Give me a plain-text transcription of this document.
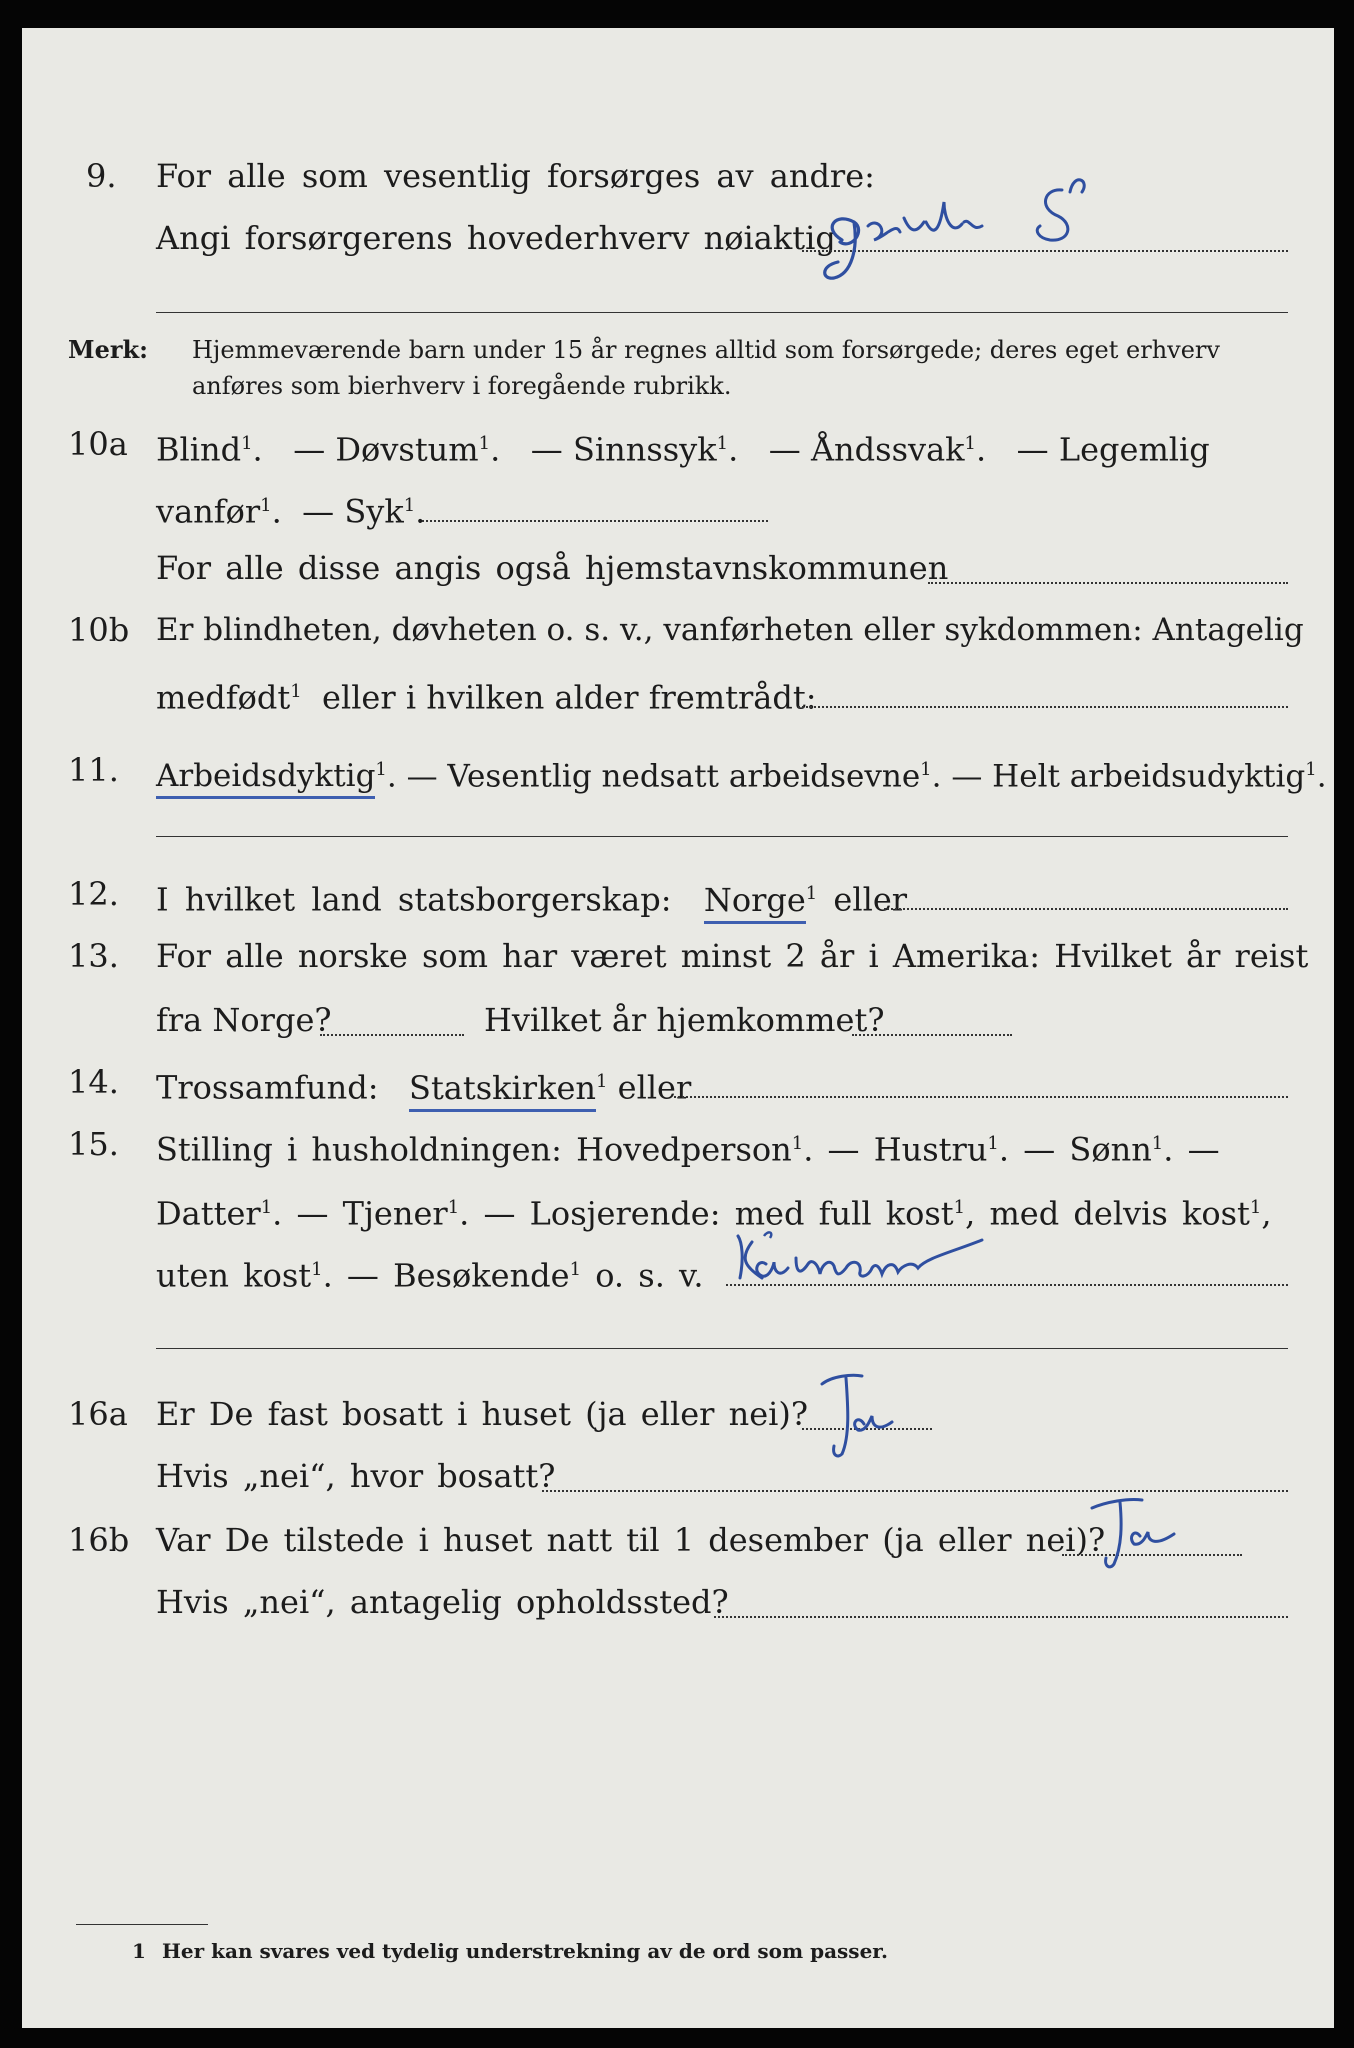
9. For alle som vesentlig forsørges av andre:
Angi forsørgerens hovederhverv nøiaktig
Merk: Hjemmeværende barn under 15 år regnes alltid som forsørgede; deres eget erhverv
anføres som bierhverv i foregående rubrikk.
10a Blind$^1$.   — Døvstum$^1$.   — Sinnssyk$^1$.   — Åndssvak$^1$.   — Legemlig
vanfør$^1$.  — Syk$^1$.
For alle disse angis også hjemstavnskommunen
10b Er blindheten, døvheten o. s. v., vanførheten eller sykdommen: Antagelig
medfødt$^1$ eller i hvilken alder fremtrådt:
11. Arbeidsdyktig$^1$. — Vesentlig nedsatt arbeidsevne$^1$. — Helt arbeidsudyktig$^1$.
12. I hvilket land statsborgerskap: Norge$^1$ eller
13. For alle norske som har været minst 2 år i Amerika: Hvilket år reist
fra Norge?	Hvilket år hjemkommet?
14. Trossamfund: Statskirken$^1$ eller
15. Stilling i husholdningen: Hovedperson$^1$. — Hustru$^1$. — Sønn$^1$. —
Datter$^1$. — Tjener$^1$. — Losjerende: med full kost$^1$, med delvis kost$^1$,
uten kost$^1$. — Besøkende$^1$ o. s. v.
16a Er De fast bosatt i huset (ja eller nei)?
Hvis „nei“, hvor bosatt?
16b Var De tilstede i huset natt til 1 desember (ja eller nei)?
Hvis „nei“, antagelig opholdssted?
1 Her kan svares ved tydelig understrekning av de ord som passer.
